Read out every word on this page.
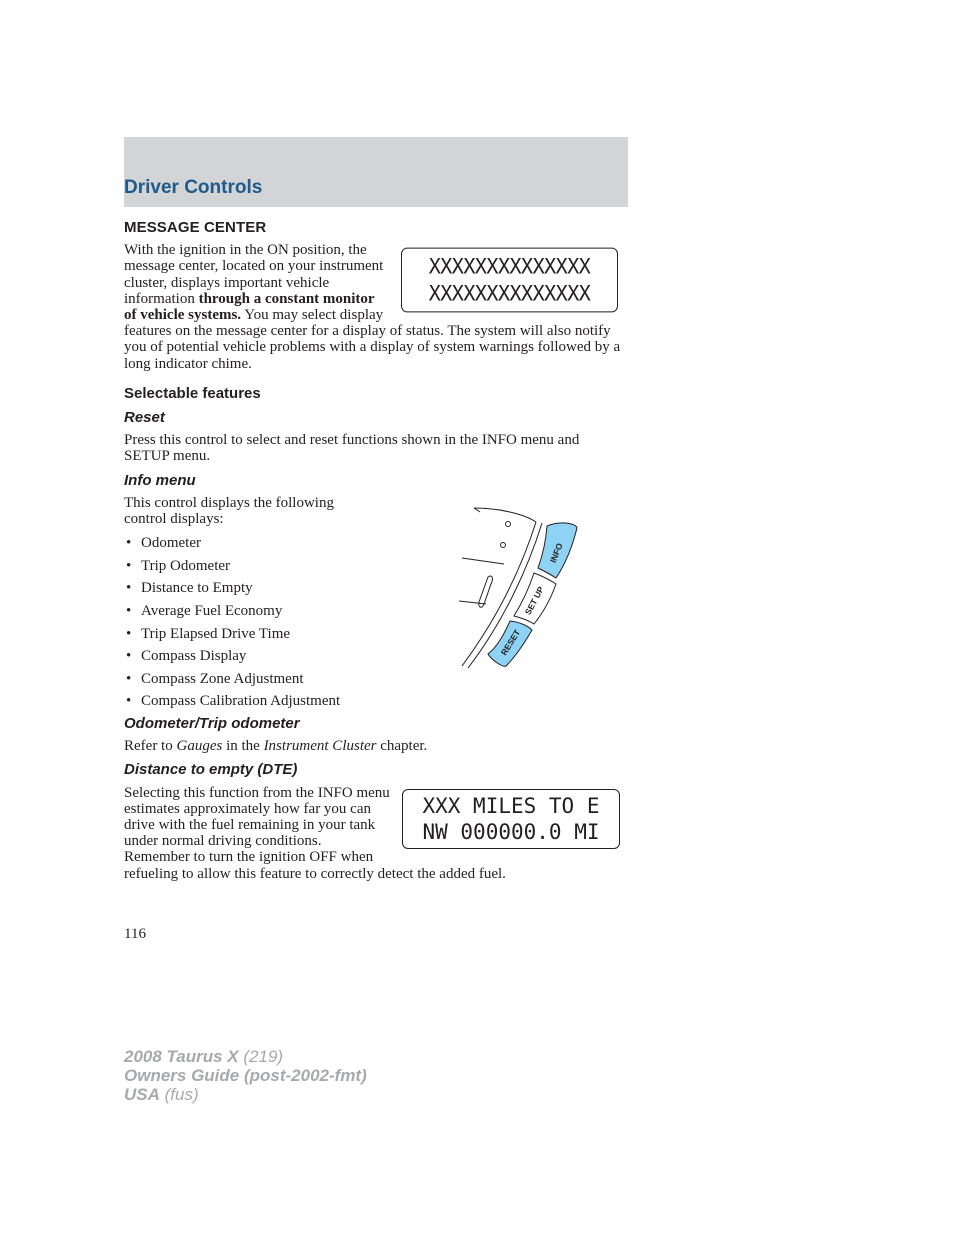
Driver Controls
MESSAGE CENTER
XXXXXXXXXXXXXX
XXXXXXXXXXXXXX

With the ignition in the ON position, the message center, located on your instrument cluster, displays important vehicle information through a constant monitor of vehicle systems. You may select display features on the message center for a display of status. The system will also notify you of potential vehicle problems with a display of system warnings followed by a long indicator chime.

Selectable features
Reset

Press this control to select and reset functions shown in the INFO menu and SETUP menu.

Info menu

This control displays the following control displays:

• Odometer
• Trip Odometer
• Distance to Empty
• Average Fuel Economy
• Trip Elapsed Drive Time
• Compass Display
• Compass Zone Adjustment
• Compass Calibration Adjustment
Odometer/Trip odometer

Refer to Gauges in the Instrument Cluster chapter.

Distance to empty (DTE)
XXX MILES TO E
NW 000000.0 MI

Selecting this function from the INFO menu estimates approximately how far you can drive with the fuel remaining in your tank under normal driving conditions. Remember to turn the ignition OFF when refueling to allow this feature to correctly detect the added fuel.

INFO
SET UP
RESET
116
2008 Taurus X (219)
Owners Guide (post-2002-fmt)
USA (fus)
